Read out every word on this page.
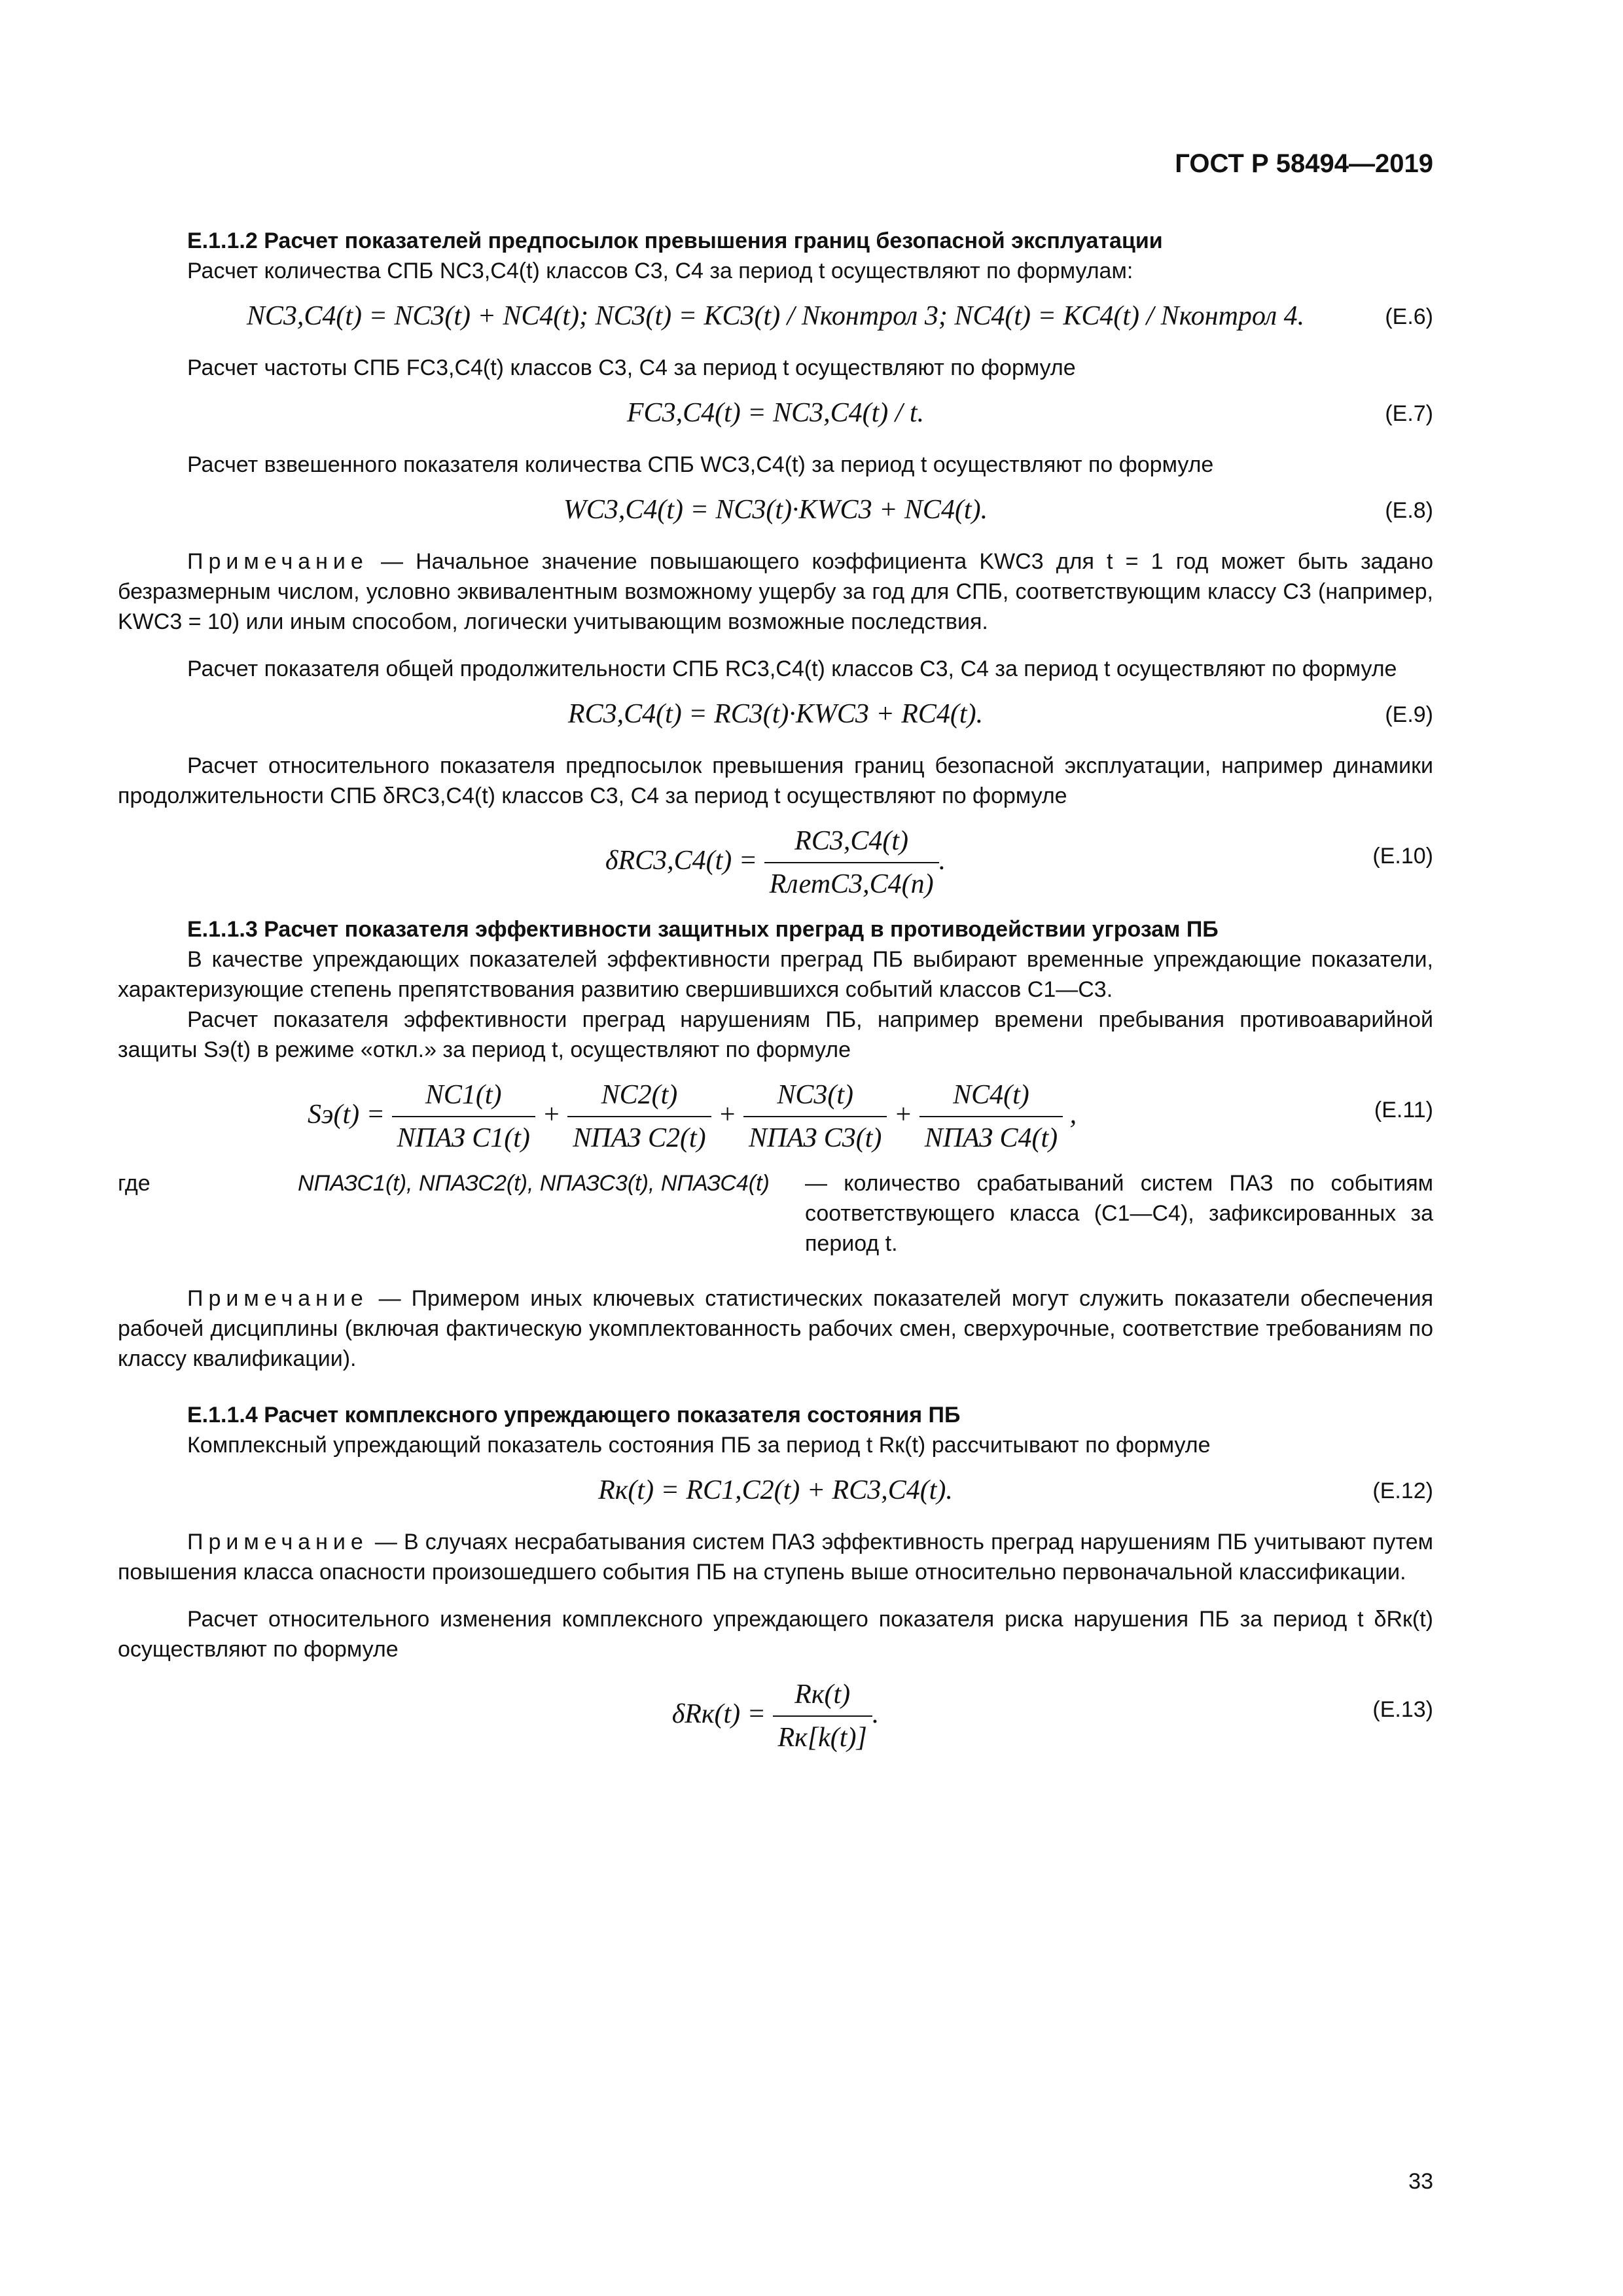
ГОСТ Р 58494—2019

Е.1.1.2 Расчет показателей предпосылок превышения границ безопасной эксплуатации

Расчет количества СПБ NС3,С4(t) классов С3, С4 за период t осуществляют по формулам:

NС3,С4(t) = NС3(t) + NС4(t); NС3(t) = KС3(t) / Nконтрол 3; NС4(t) = KС4(t) / Nконтрол 4.	(Е.6)

Расчет частоты СПБ FС3,С4(t) классов С3, С4 за период t осуществляют по формуле

FС3,С4(t) = NС3,С4(t) / t.	(Е.7)

Расчет взвешенного показателя количества СПБ WС3,С4(t) за период t осуществляют по формуле

WС3,С4(t) = NС3(t)·KWС3 + NС4(t).	(Е.8)

Примечание — Начальное значение повышающего коэффициента KWС3 для t = 1 год может быть задано безразмерным числом, условно эквивалентным возможному ущербу за год для СПБ, соответствующим классу С3 (например, KWС3 = 10) или иным способом, логически учитывающим возможные последствия.

Расчет показателя общей продолжительности СПБ RС3,С4(t) классов С3, С4 за период t осуществляют по формуле

RС3,С4(t) = RС3(t)·KWС3 + RС4(t).	(Е.9)

Расчет относительного показателя предпосылок превышения границ безопасной эксплуатации, например динамики продолжительности СПБ δRС3,С4(t) классов С3, С4 за период t осуществляют по формуле

δRС3,С4(t) =
RС3,С4(t)
RлетС3,С4(n)
.	(Е.10)

Е.1.1.3 Расчет показателя эффективности защитных преград в противодействии угрозам ПБ

В качестве упреждающих показателей эффективности преград ПБ выбирают временные упреждающие показатели, характеризующие степень препятствования развитию свершившихся событий классов С1—С3.

Расчет показателя эффективности преград нарушениям ПБ, например времени пребывания противоаварийной защиты Sэ(t) в режиме «откл.» за период t, осуществляют по формуле

Sэ(t) =
NС1(t)
NПАЗ С1(t)
+
NС2(t)
NПАЗ С2(t)
+
NС3(t)
NПАЗ С3(t)
+
NС4(t)
NПАЗ С4(t)
,	(Е.11)
где	NПАЗС1(t), NПАЗС2(t), NПАЗС3(t), NПАЗС4(t) — количество срабатываний систем ПАЗ по событиям соответствующего класса (С1—С4), зафиксированных за период t.

Примечание — Примером иных ключевых статистических показателей могут служить показатели обеспечения рабочей дисциплины (включая фактическую укомплектованность рабочих смен, сверхурочные, соответствие требованиям по классу квалификации).

Е.1.1.4 Расчет комплексного упреждающего показателя состояния ПБ

Комплексный упреждающий показатель состояния ПБ за период t Rк(t) рассчитывают по формуле

Rк(t) = RС1,С2(t) + RС3,С4(t).	(Е.12)

Примечание — В случаях несрабатывания систем ПАЗ эффективность преград нарушениям ПБ учитывают путем повышения класса опасности произошедшего события ПБ на ступень выше относительно первоначальной классификации.

Расчет относительного изменения комплексного упреждающего показателя риска нарушения ПБ за период t δRк(t) осуществляют по формуле

δRк(t) =
Rк(t)
Rк[k(t)]
.	(Е.13)
33
